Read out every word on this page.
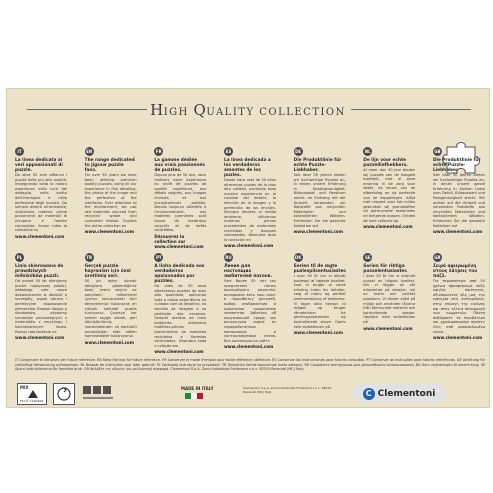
HIGH QUALITY COLLECTION
IT
La linea dedicata ai veri appassionati di puzzle.
Da oltre 50 anni affianco i puzzle delle più alta qualità, impegnando tutta la nostra esperienza nella cura del dettaglio, nella scelta dell'immagine e nella perfezione degli incastri. Da sempre attenti all'ambiente, utilizziamo materie prime provenienti da materiali di recupero e foreste controllate. Scopri tutta la collezione su
www.clementoni.com
EN
The range dedicated to jigsaw puzzle fans.
For over 50 years we have been offering premium quality puzzles, using all our experience in fine detailing, the choice of the image and the perfection of the interlocks. Ever attentive to the environment, we use raw materials sourced from recycled waste and controlled forests. Explore the entire collection on
www.clementoni.com
FR
La gamme dédiée aux vrais passionnés de puzzles.
Depuis plus de 50 ans, nous mettons notre expérience au profit de puzzles de qualité supérieure, aux détails soignés, aux images choisies et aux encastrements parfaits. Depuis toujours attentifs à l'environnement, nos matières premières sont issues de matériaux recyclés et de forêts contrôlées.
Découvrez la collection sur www.clementoni.com
ES
La línea dedicada a los verdaderos amantes de los puzles.
Desde hace más de 50 años ofrecemos puzles de la más alta calidad, poniendo toda nuestra experiencia en el cuidado del detalle, la elección de la imagen y la perfección de los encajes. Siempre atentos al medio ambiente, utilizamos materias primas procedentes de materiales reciclados y bosques controlados. Descubre toda la colección en
www.clementoni.com
DE
Die Produktlinie für echte Puzzle-Liebhaber.
Seit über 50 Jahren bieten wir hochwertige Puzzles an, in denen unsere Erfahrung in Detailgenauigkeit, Bildauswahl und Passform steckt. Im Einklang mit der Umwelt verwenden wir Rohstoffe aus recycelten Materialien und kontrollierten Wäldern. Entdecken Sie die gesamte Kollektion auf
www.clementoni.com
NL
De lijn voor echte puzzelliefhebbers.
Al meer dan 50 jaar bieden wij puzzels van de hoogste kwaliteit, met al onze ervaring in de zorg voor detail, de keuze van de afbeelding en de perfectie van de koppelingen. Altijd met respect voor het milieu gebruiken wij grondstoffen uit gerecyclede materialen en beheerde bossen. Ontdek de hele collectie op
www.clementoni.com
GB
Die Produktlinie für echte Puzzle-Liebhaber.
Seit über 50 Jahren bieten wir hochwertige Puzzles an, in denen unsere ganze Erfahrung in Sachen Liebe zum Detail, Bildauswahl und Passgenauigkeit steckt. Wir achten auf die Umwelt und verwenden Rohstoffe aus recycelten Materialien und kontrollierten Wäldern. Entdecken Sie die gesamte Kollektion auf
www.clementoni.com
PL
Linia skierowana do prawdziwych miłośników puzzli.
Od ponad 50 lat oferujemy puzzle najwyższej jakości, wkładając całe nasze doświadczenie w dbałość o szczegóły, wybór obrazu i perfekcyjne dopasowanie elementów. Zawsze dbając o środowisko, używamy surowców pochodzących z materiałów z recyklingu i kontrolowanych lasów. Poznaj całą kolekcję na
www.clementoni.com
TR
Gerçek puzzle hayranları için özel üretilmiş seri.
50 yılı aşkın süredir detaylara gösterdiğimiz özen, resim seçimi ve parçaların mükemmel uyumu konusundaki tüm deneyimimizi kullanarak en yüksek kalitede puzzle sunuyoruz. Çevreye her zaman saygılı olarak, geri dönüştürülmüş malzemelerden ve kontrollü ormanlardan elde edilen hammaddeler kullanıyoruz.
www.clementoni.com
PT
A linha dedicada aos verdadeiros apaixonados por puzzles.
Há mais de 50 anos oferecemos puzzles da mais alta qualidade, aplicando toda a nossa experiência no cuidado com os detalhes, na escolha da imagem e na perfeição dos encaixes. Sempre atentos ao meio ambiente, utilizamos matérias-primas provenientes de materiais reciclados e florestas controladas. Descubra toda a coleção em
www.clementoni.com
RU
Линия для настоящих любителей пазлов.
Уже более 50 лет мы предлагаем пазлы высочайшего качества, вкладывая весь наш опыт в проработку деталей, выбор изображения и идеальное соединение элементов. Заботясь об окружающей среде, мы используем сырьё из переработанных материалов и контролируемых лесов. Вся коллекция на сайте
www.clementoni.com
DK
Serien til de ægte puslespilsentusiaster.
I over 50 år har vi tilbudt puslespil af højeste kvalitet, hvor vi bruger al vores erfaring inden for detaljer, valg af motiv og perfekt sammenføjning af brikkerne. Vi tager altid hensyn til miljøet og bruger råmaterialer fra genbrugsmaterialer og kontrollerede skove. Oplev hele kollektionen på
www.clementoni.com
SE
Serien för riktiga pusselentusiaster.
I över 50 år har vi erbjudit pussel av högsta kvalitet, där vi lägger all vår erfarenhet på detaljer, val av motiv och perfekt passform. Vi tänker alltid på miljön och använder råvaror från återvunnet material och kontrollerade skogar. Upptäck hela kollektionen på
www.clementoni.com
GR
Σειρά αφιερωμένη στους λάτρεις του παζλ.
Για περισσότερα από 50 χρόνια προσφέρουμε παζλ υψηλής ποιότητας, αξιοποιώντας όλη μας την εμπειρία στη λεπτομέρεια, στην επιλογή της εικόνας και στην τέλεια συναρμογή των κομματιών. Πάντα σεβόμαστε το περιβάλλον και χρησιμοποιούμε πρώτες ύλες από ανακυκλωμένα υλικά.
www.clementoni.com
IT Conservare le istruzioni per future referenze. EN Keep the box for future reference. FR Conserver le mode d'emploi pour toute référence ultérieure. ES Conservar las instrucciones para futuras consultas. PT Conservar as instruções para futuras referências. DE Anleitung für zukünftige Verwendung aufbewahren. NL Bewaar de instructies voor later gebruik. PL Zachowaj instrukcję na przyszłość. TR Talimatları ileride başvurmak üzere saklayın. RU Сохраните инструкцию для дальнейшего использования. DK Gem vejledningen til senere brug. SE Spara instruktionerna för framtida bruk. GR Φυλάξτε τις οδηγίες για μελλοντική αναφορά. Clementoni S.p.A. Zona Industriale Fontenoce s.n.c. 62019 Recanati (MC) Italy.
MIX
FSC® C160508
MADE IN ITALY	Clementoni S.p.A. Zona Industriale Fontenoce s.n.c. 62019 Recanati (MC) Italy	C Clementoni
